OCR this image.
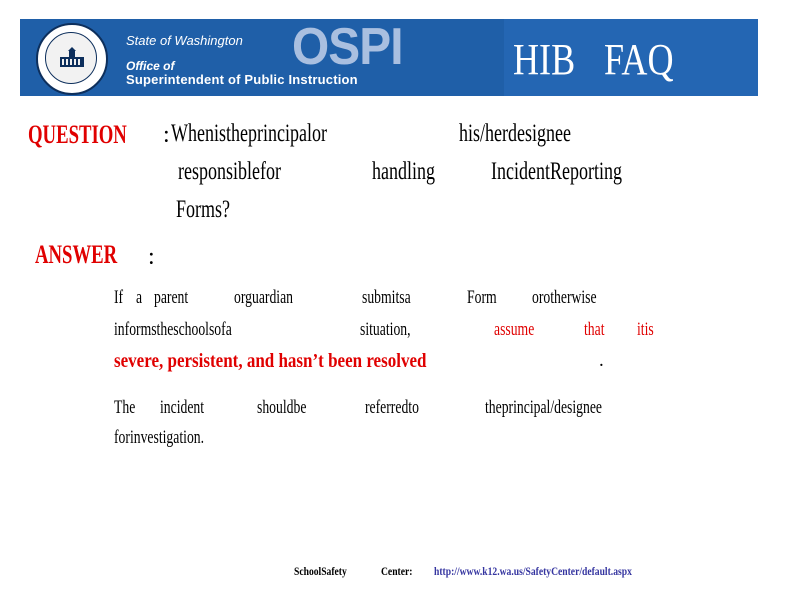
State of Washington
Office of
Superintendent of Public Instruction
OSPI	HIB FAQ
QUESTION	: Whenistheprincipalor	his/herdesignee
responsiblefor	handling	IncidentReporting
Forms?
ANSWER	:
If a parent	orguardian	submitsa	Form	orotherwise
informstheschoolsofa	situation,	assume	that	itis
severe, persistent, and hasn’t been resolved	.
The	incident	shouldbe	referredto	theprincipal/designee
forinvestigation.
SchoolSafety	Center:	http://www.k12.wa.us/SafetyCenter/default.aspx
